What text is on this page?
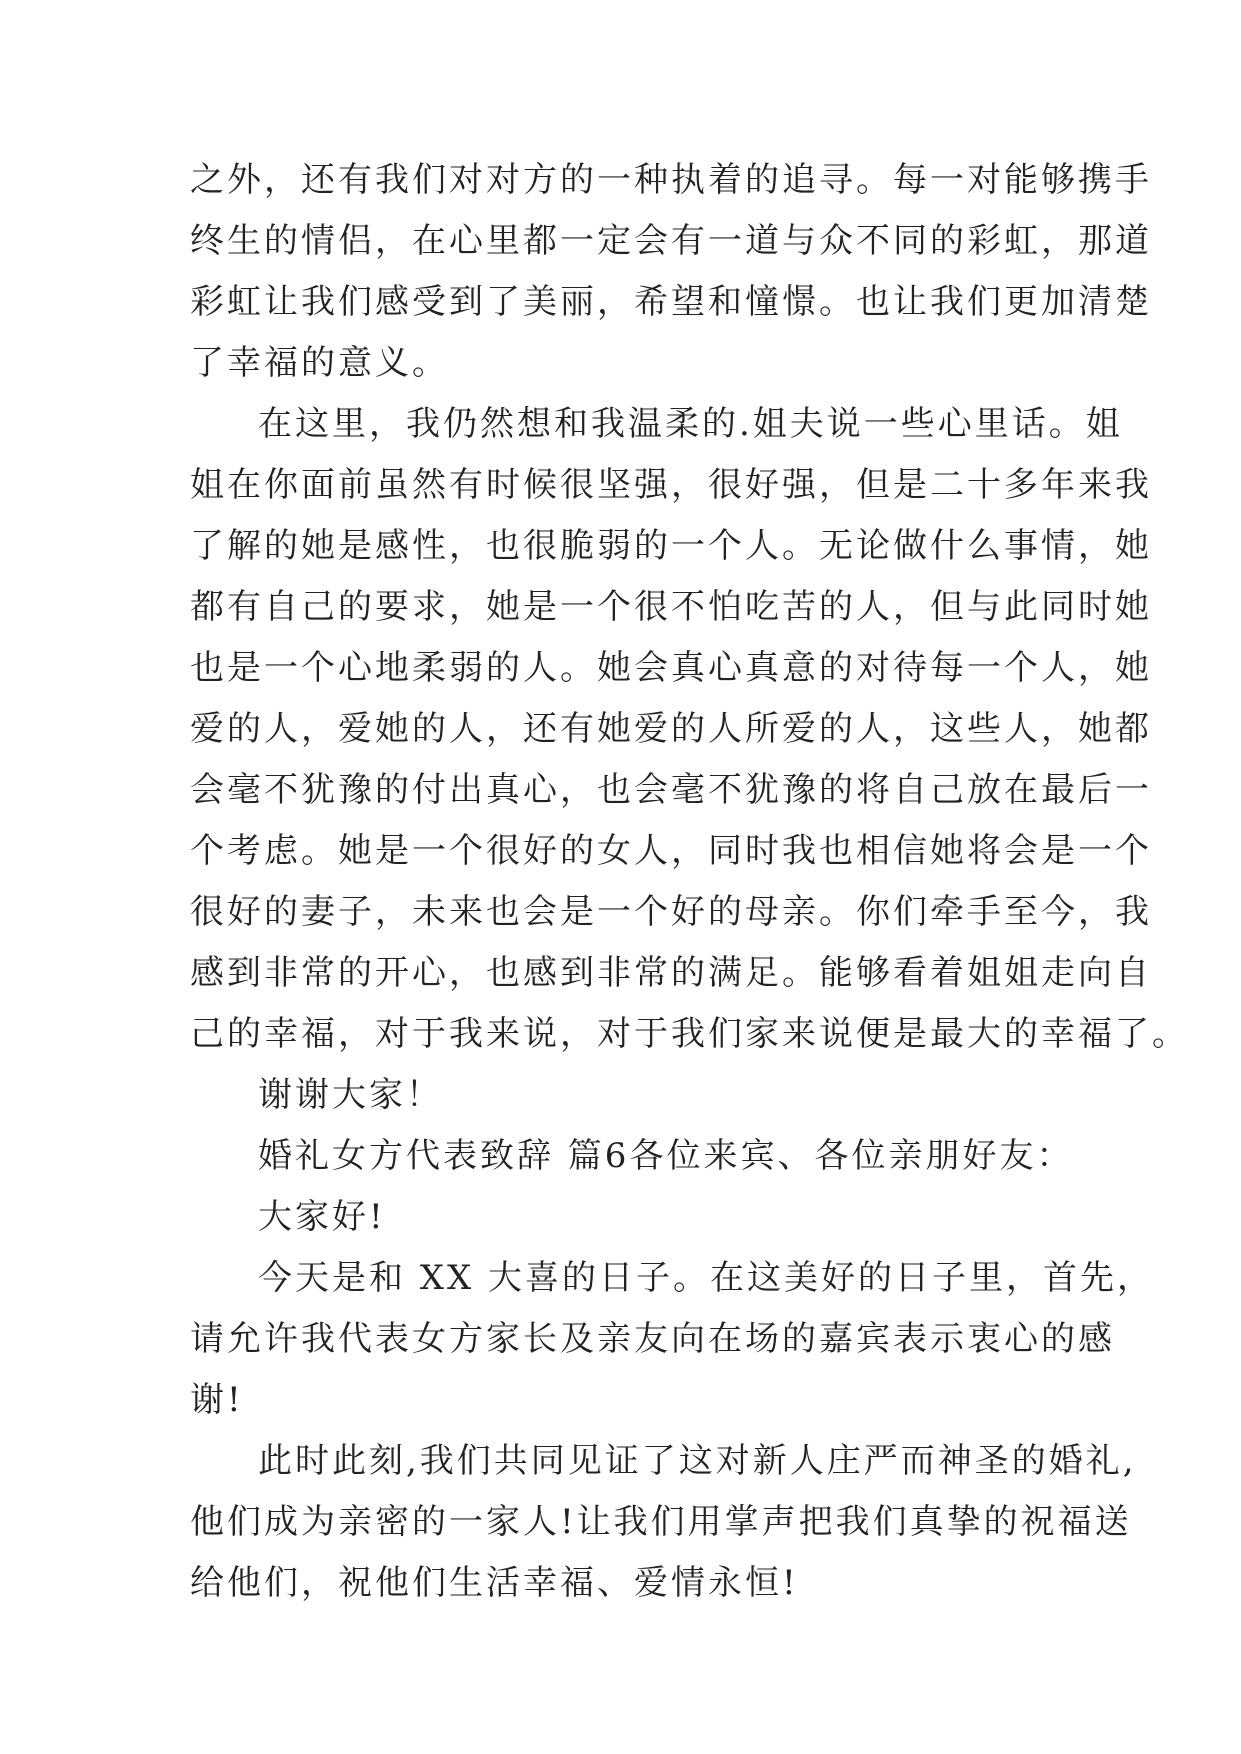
之外，还有我们对对方的一种执着的追寻。每一对能够携手
终生的情侣，在心里都一定会有一道与众不同的彩虹，那道
彩虹让我们感受到了美丽，希望和憧憬。也让我们更加清楚
了幸福的意义。

在这里，我仍然想和我温柔的.姐夫说一些心里话。姐
姐在你面前虽然有时候很坚强，很好强，但是二十多年来我
了解的她是感性，也很脆弱的一个人。无论做什么事情，她
都有自己的要求，她是一个很不怕吃苦的人，但与此同时她
也是一个心地柔弱的人。她会真心真意的对待每一个人，她
爱的人，爱她的人，还有她爱的人所爱的人，这些人，她都
会毫不犹豫的付出真心，也会毫不犹豫的将自己放在最后一
个考虑。她是一个很好的女人，同时我也相信她将会是一个
很好的妻子，未来也会是一个好的母亲。你们牵手至今，我
感到非常的开心，也感到非常的满足。能够看着姐姐走向自
己的幸福，对于我来说，对于我们家来说便是最大的幸福了。

谢谢大家！

婚礼女方代表致辞 篇6各位来宾、各位亲朋好友：

大家好!

今天是和 XX 大喜的日子。在这美好的日子里，首先，
请允许我代表女方家长及亲友向在场的嘉宾表示衷心的感
谢!

此时此刻,我们共同见证了这对新人庄严而神圣的婚礼,
他们成为亲密的一家人!让我们用掌声把我们真挚的祝福送
给他们，祝他们生活幸福、爱情永恒!
